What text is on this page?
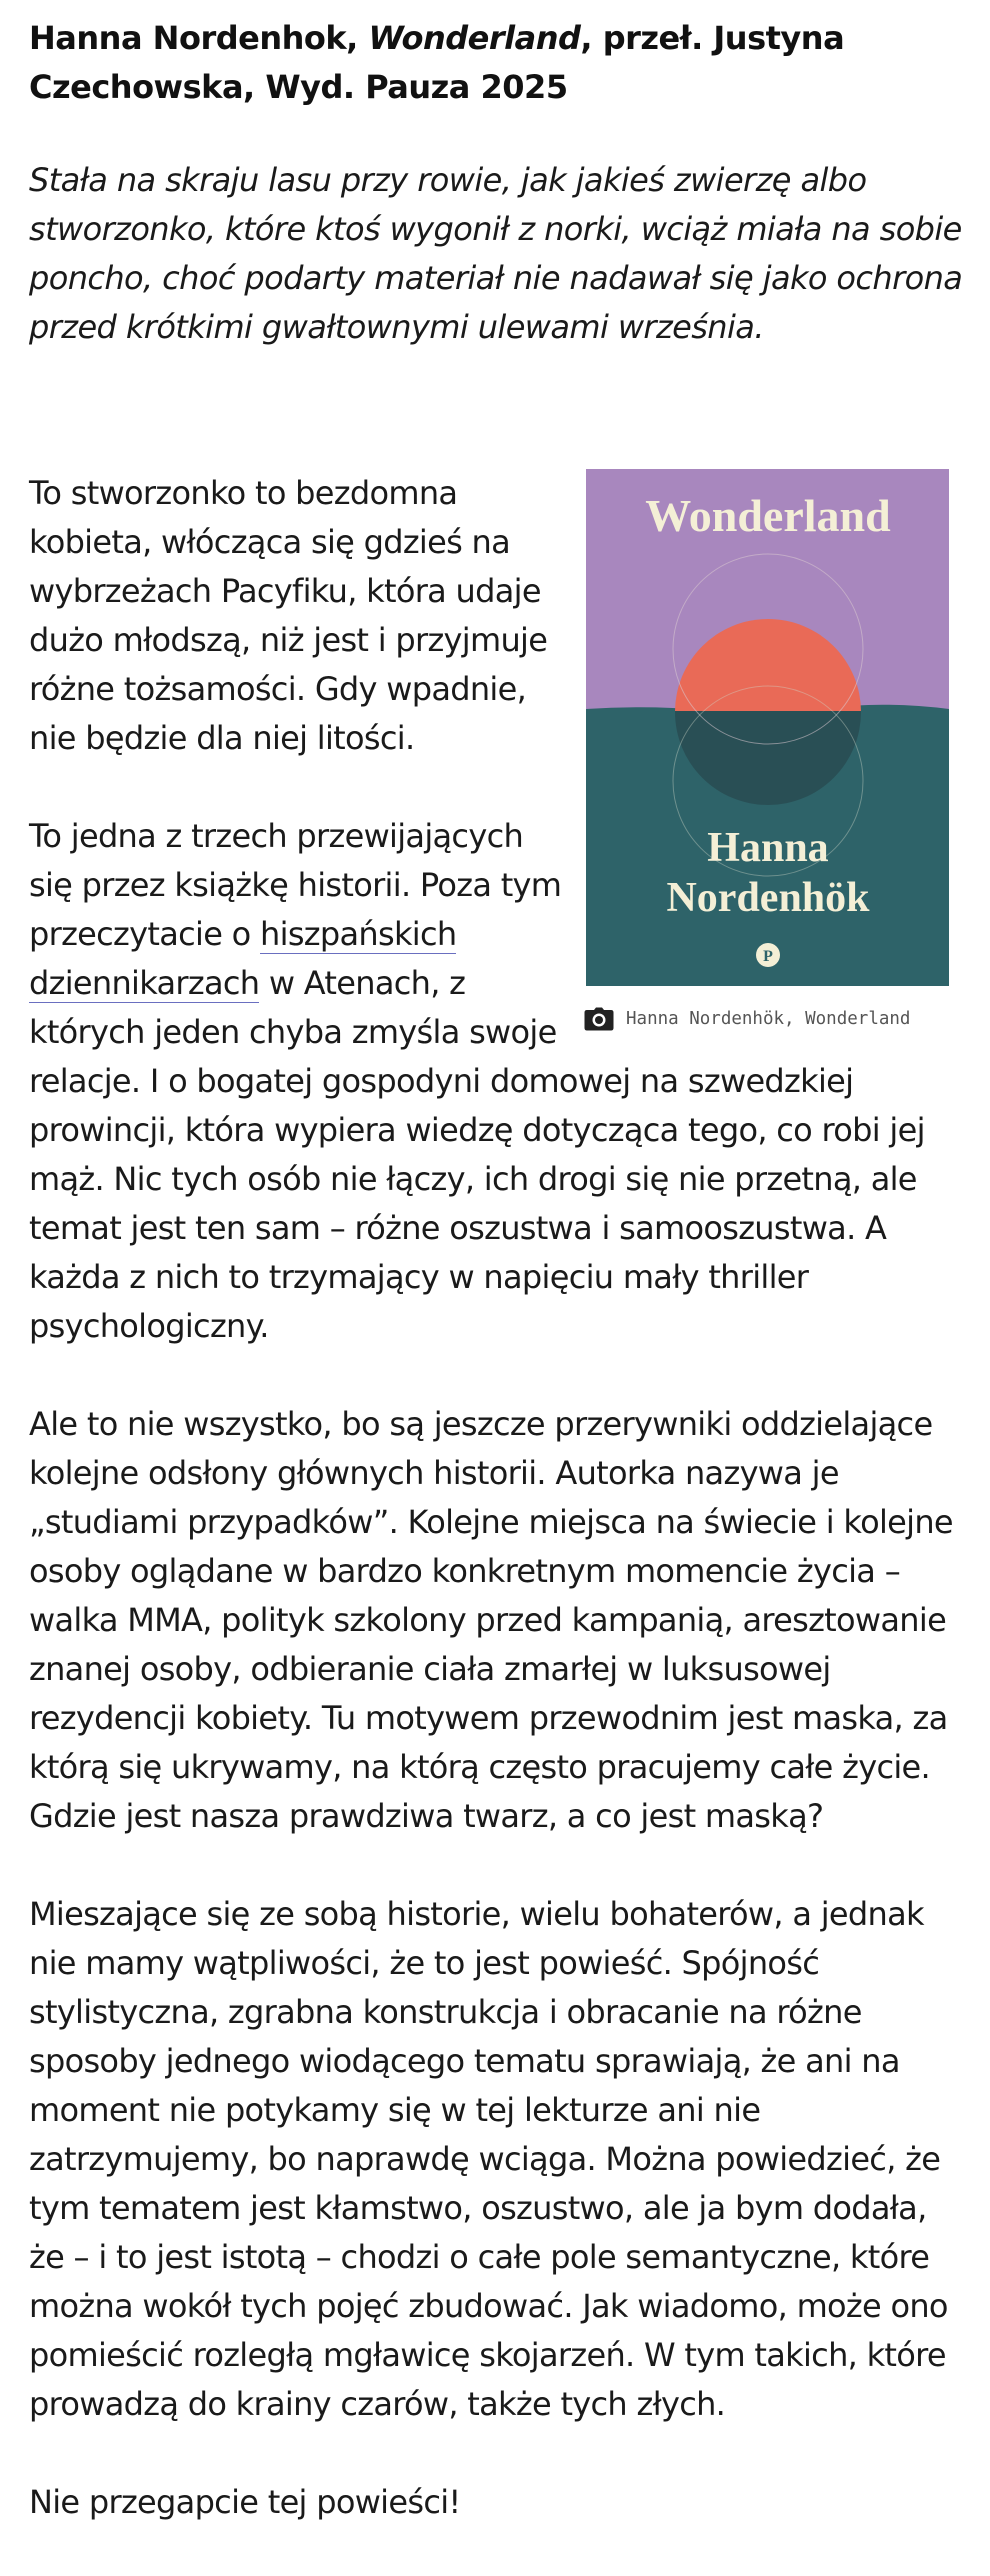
Hanna Nordenhok, Wonderland, przeł. Justyna Czechowska, Wyd. Pauza 2025

Stała na skraju lasu przy rowie, jak jakieś zwierzę albo stworzonko, które ktoś wygonił z norki, wciąż miała na sobie poncho, choć podarty materiał nie nadawał się jako ochrona przed krótkimi gwałtownymi ulewami września.

Wonderland
Hanna
Nordenhök
P
Hanna Nordenhök, Wonderland

To stworzonko to bezdomna kobieta, włócząca się gdzieś na wybrzeżach Pacyfiku, która udaje dużo młodszą, niż jest i przyjmuje różne tożsamości. Gdy wpadnie, nie będzie dla niej litości.

To jedna z trzech przewijających się przez książkę historii. Poza tym przeczytacie o hiszpańskich dziennikarzach w Atenach, z których jeden chyba zmyśla swoje relacje. I o bogatej gospodyni domowej na szwedzkiej prowincji, która wypiera wiedzę dotycząca tego, co robi jej mąż. Nic tych osób nie łączy, ich drogi się nie przetną, ale temat jest ten sam – różne oszustwa i samooszustwa. A każda z nich to trzymający w napięciu mały thriller psychologiczny.

Ale to nie wszystko, bo są jeszcze przerywniki oddzielające kolejne odsłony głównych historii. Autorka nazywa je „studiami przypadków”. Kolejne miejsca na świecie i kolejne osoby oglądane w bardzo konkretnym momencie życia – walka MMA, polityk szkolony przed kampanią, aresztowanie znanej osoby, odbieranie ciała zmarłej w luksusowej rezydencji kobiety. Tu motywem przewodnim jest maska, za którą się ukrywamy, na którą często pracujemy całe życie. Gdzie jest nasza prawdziwa twarz, a co jest maską?

Mieszające się ze sobą historie, wielu bohaterów, a jednak nie mamy wątpliwości, że to jest powieść. Spójność stylistyczna, zgrabna konstrukcja i obracanie na różne sposoby jednego wiodącego tematu sprawiają, że ani na moment nie potykamy się w tej lekturze ani nie zatrzymujemy, bo naprawdę wciąga. Można powiedzieć, że tym tematem jest kłamstwo, oszustwo, ale ja bym dodała, że – i to jest istotą – chodzi o całe pole semantyczne, które można wokół tych pojęć zbudować. Jak wiadomo, może ono pomieścić rozległą mgławicę skojarzeń. W tym takich, które prowadzą do krainy czarów, także tych złych.

Nie przegapcie tej powieści!
